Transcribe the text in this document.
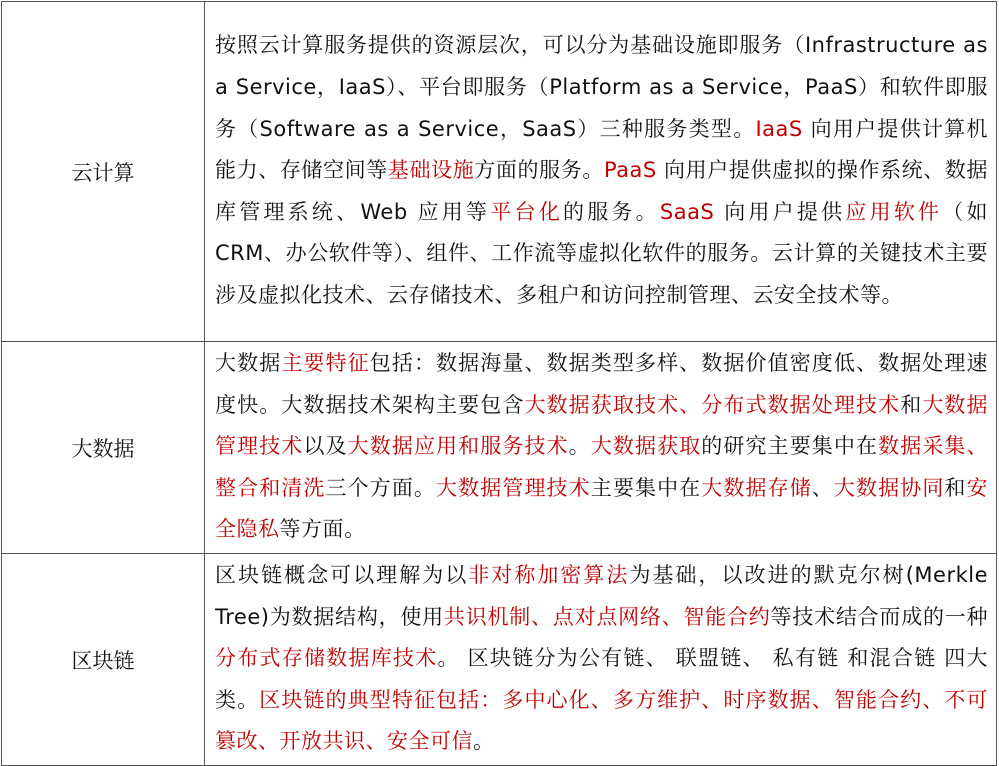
云计算	按照云计算服务提供的资源层次，可以分为基础设施即服务（Infrastructure as a Service，IaaS）、平台即服务（Platform as a Service，PaaS）和软件即服务（Software as a Service，SaaS）三种服务类型。IaaS 向用户提供计算机能力、存储空间等基础设施方面的服务。PaaS 向用户提供虚拟的操作系统、数据库管理系统、Web 应用等平台化的服务。SaaS 向用户提供应用软件（如 CRM、办公软件等）、组件、工作流等虚拟化软件的服务。云计算的关键技术主要涉及虚拟化技术、云存储技术、多租户和访问控制管理、云安全技术等。
大数据	大数据主要特征包括：数据海量、数据类型多样、数据价值密度低、数据处理速度快。大数据技术架构主要包含大数据获取技术、分布式数据处理技术和大数据管理技术以及大数据应用和服务技术。大数据获取的研究主要集中在数据采集、整合和清洗三个方面。大数据管理技术主要集中在大数据存储、大数据协同和安全隐私等方面。
区块链	区块链概念可以理解为以非对称加密算法为基础，以改进的默克尔树(Merkle Tree)为数据结构，使用共识机制、点对点网络、智能合约等技术结合而成的一种分布式存储数据库技术。 区块链分为公有链、 联盟链、 私有链 和混合链 四大类。区块链的典型特征包括：多中心化、多方维护、时序数据、智能合约、不可篡改、开放共识、安全可信。
